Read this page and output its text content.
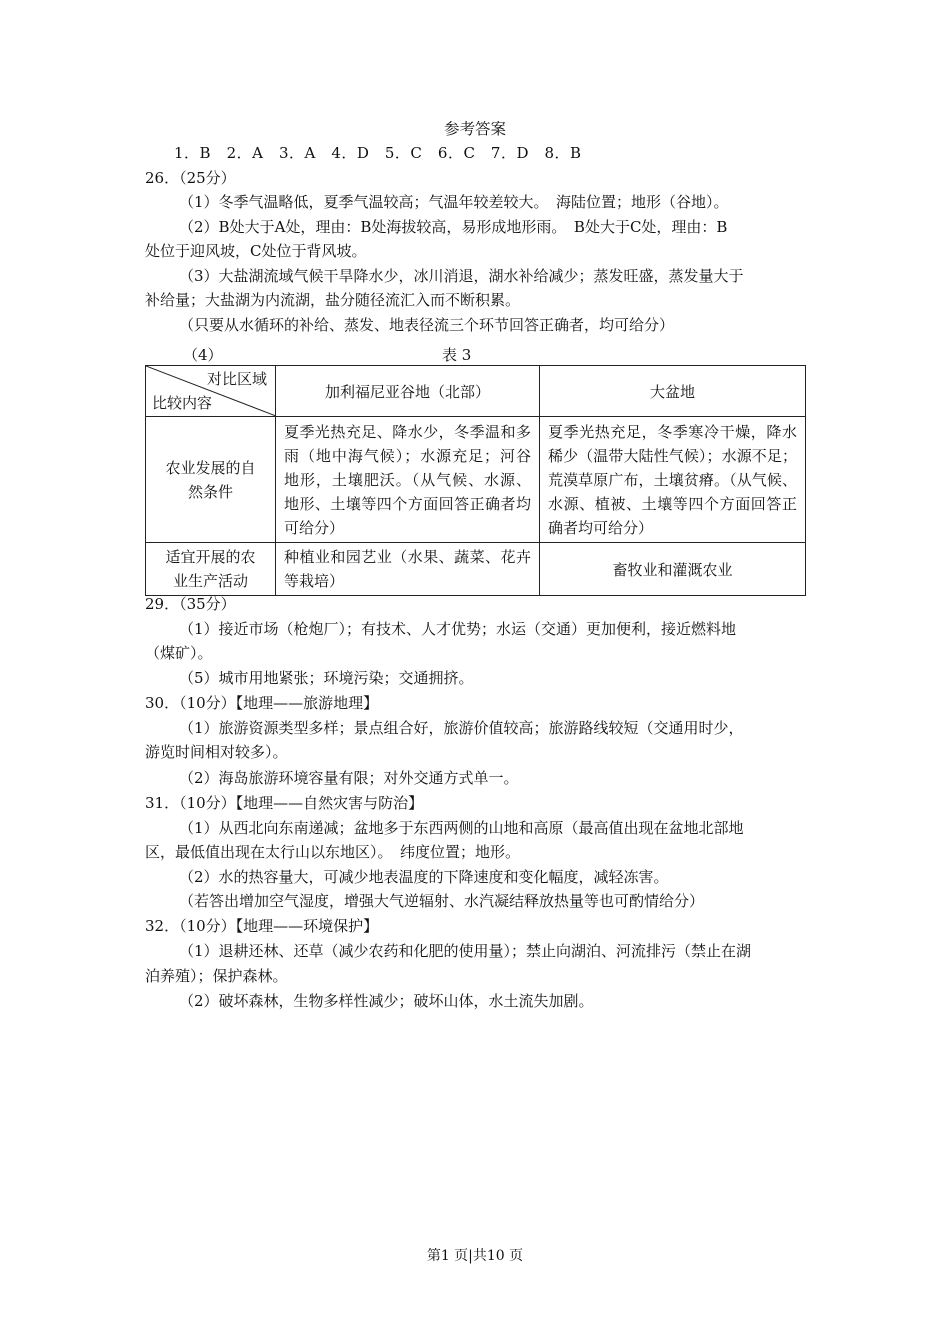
参考答案
1．B　2．A　3．A　4．D　5．C　6．C　7．D　8．B
26．（25分）
（1）冬季气温略低，夏季气温较高；气温年较差较大。　海陆位置；地形（谷地）。
（2）B处大于A处，理由：B处海拔较高，易形成地形雨。　B处大于C处，理由：B
处位于迎风坡，C处位于背风坡。
（3）大盐湖流域气候干旱降水少，冰川消退，湖水补给减少；蒸发旺盛，蒸发量大于
补给量；大盐湖为内流湖，盐分随径流汇入而不断积累。
（只要从水循环的补给、蒸发、地表径流三个环节回答正确者，均可给分）
（4）	表 3
对比区域
比较内容	加利福尼亚谷地（北部）	大盆地

农业发展的自然条件	夏季光热充足、降水少，冬季温和多雨（地中海气候）；水源充足；河谷地形，土壤肥沃。（从气候、水源、地形、土壤等四个方面回答正确者均可给分）	夏季光热充足，冬季寒冷干燥，降水稀少（温带大陆性气候）；水源不足；荒漠草原广布，土壤贫瘠。（从气候、水源、植被、土壤等四个方面回答正确者均可给分）

适宜开展的农业生产活动	种植业和园艺业（水果、蔬菜、花卉等栽培）	畜牧业和灌溉农业
29．（35分）
（1）接近市场（枪炮厂）；有技术、人才优势；水运（交通）更加便利，接近燃料地
（煤矿）。
（5）城市用地紧张；环境污染；交通拥挤。
30．（10分）【地理——旅游地理】
（1）旅游资源类型多样；景点组合好，旅游价值较高；旅游路线较短（交通用时少，
游览时间相对较多）。
（2）海岛旅游环境容量有限；对外交通方式单一。
31．（10分）【地理——自然灾害与防治】
（1）从西北向东南递减；盆地多于东西两侧的山地和高原（最高值出现在盆地北部地
区，最低值出现在太行山以东地区）。　纬度位置；地形。
（2）水的热容量大，可减少地表温度的下降速度和变化幅度，减轻冻害。
（若答出增加空气湿度，增强大气逆辐射、水汽凝结释放热量等也可酌情给分）
32．（10分）【地理——环境保护】
（1）退耕还林、还草（减少农药和化肥的使用量）；禁止向湖泊、河流排污（禁止在湖
泊养殖）；保护森林。
（2）破坏森林，生物多样性减少；破坏山体，水土流失加剧。
第1 页|共10 页
